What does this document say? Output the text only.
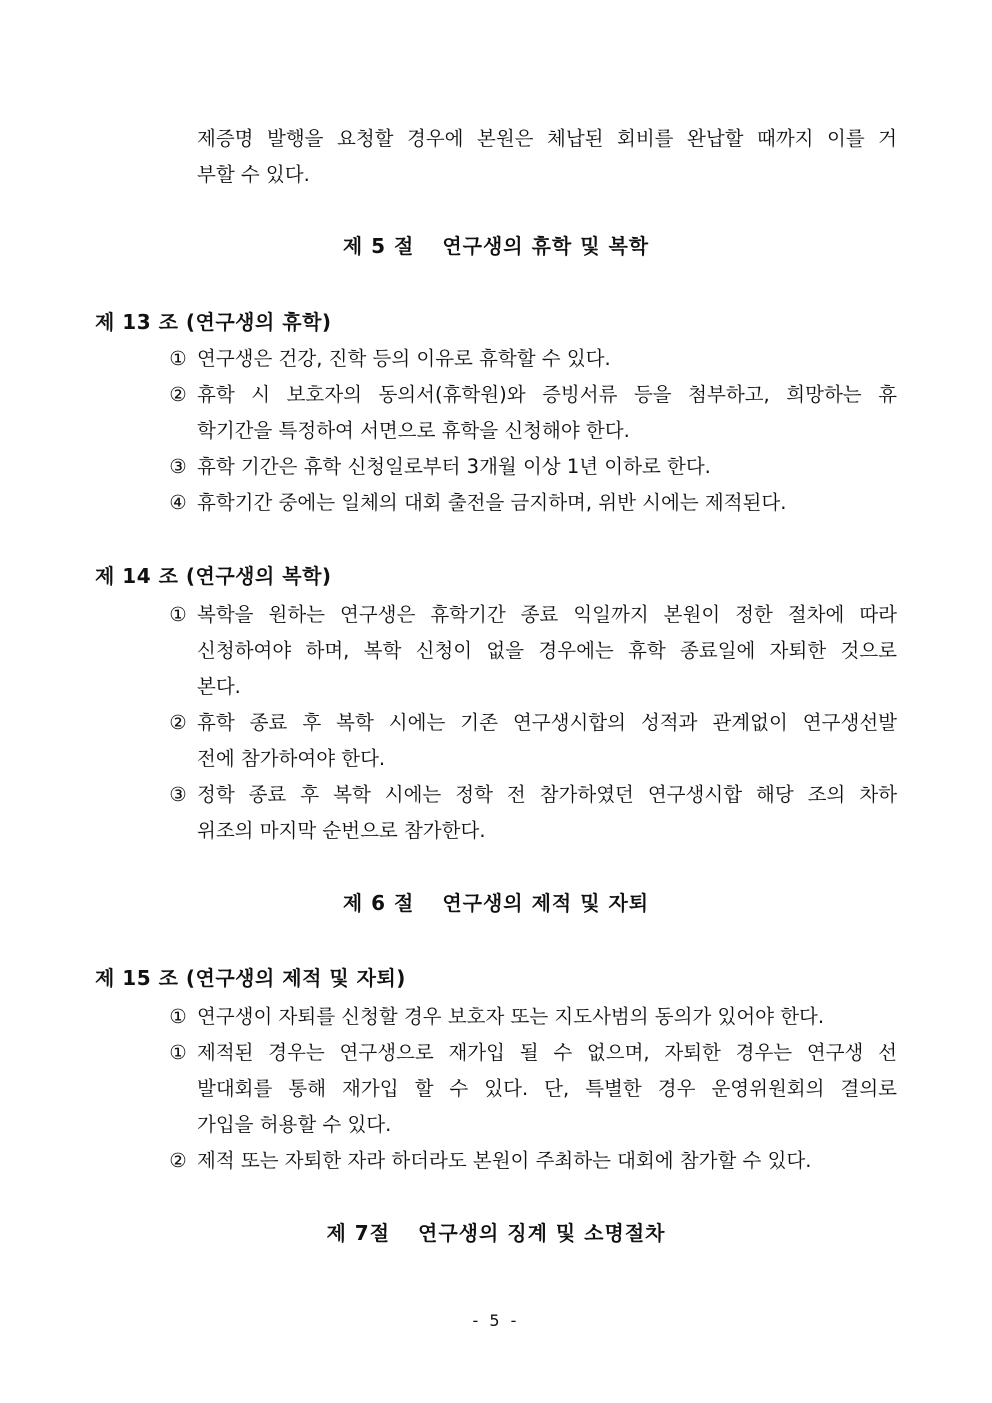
제증명 발행을 요청할 경우에 본원은 체납된 회비를 완납할 때까지 이를 거
부할 수 있다.
제 5 절 연구생의 휴학 및 복학
제 13 조 (연구생의 휴학)
① 연구생은 건강, 진학 등의 이유로 휴학할 수 있다.
② 휴학 시 보호자의 동의서(휴학원)와 증빙서류 등을 첨부하고, 희망하는 휴
학기간을 특정하여 서면으로 휴학을 신청해야 한다.
③ 휴학 기간은 휴학 신청일로부터 3개월 이상 1년 이하로 한다.
④ 휴학기간 중에는 일체의 대회 출전을 금지하며, 위반 시에는 제적된다.
제 14 조 (연구생의 복학)
① 복학을 원하는 연구생은 휴학기간 종료 익일까지 본원이 정한 절차에 따라
신청하여야 하며, 복학 신청이 없을 경우에는 휴학 종료일에 자퇴한 것으로
본다.
② 휴학 종료 후 복학 시에는 기존 연구생시합의 성적과 관계없이 연구생선발
전에 참가하여야 한다.
③ 정학 종료 후 복학 시에는 정학 전 참가하였던 연구생시합 해당 조의 차하
위조의 마지막 순번으로 참가한다.
제 6 절 연구생의 제적 및 자퇴
제 15 조 (연구생의 제적 및 자퇴)
① 연구생이 자퇴를 신청할 경우 보호자 또는 지도사범의 동의가 있어야 한다.
① 제적된 경우는 연구생으로 재가입 될 수 없으며, 자퇴한 경우는 연구생 선
발대회를 통해 재가입 할 수 있다. 단, 특별한 경우 운영위원회의 결의로
가입을 허용할 수 있다.
② 제적 또는 자퇴한 자라 하더라도 본원이 주최하는 대회에 참가할 수 있다.
제 7절 연구생의 징계 및 소명절차
- 5 -
